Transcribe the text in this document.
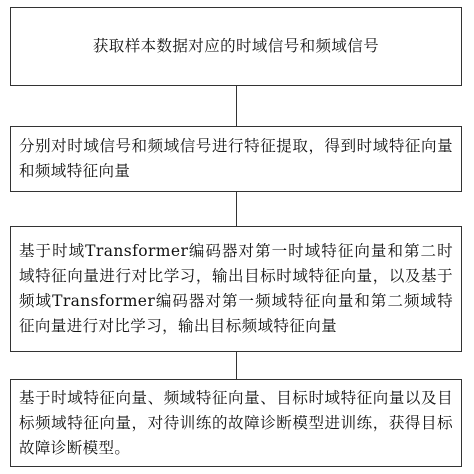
获取样本数据对应的时域信号和频域信号
分别对时域信号和频域信号进行特征提取，得到时域特征向量和频域特征向量
基于时域Transformer编码器对第一时域特征向量和第二时域特征向量进行对比学习，输出目标时域特征向量，以及基于频域Transformer编码器对第一频域特征向量和第二频域特征向量进行对比学习，输出目标频域特征向量
基于时域特征向量、频域特征向量、目标时域特征向量以及目标频域特征向量，对待训练的故障诊断模型进训练，获得目标故障诊断模型。
